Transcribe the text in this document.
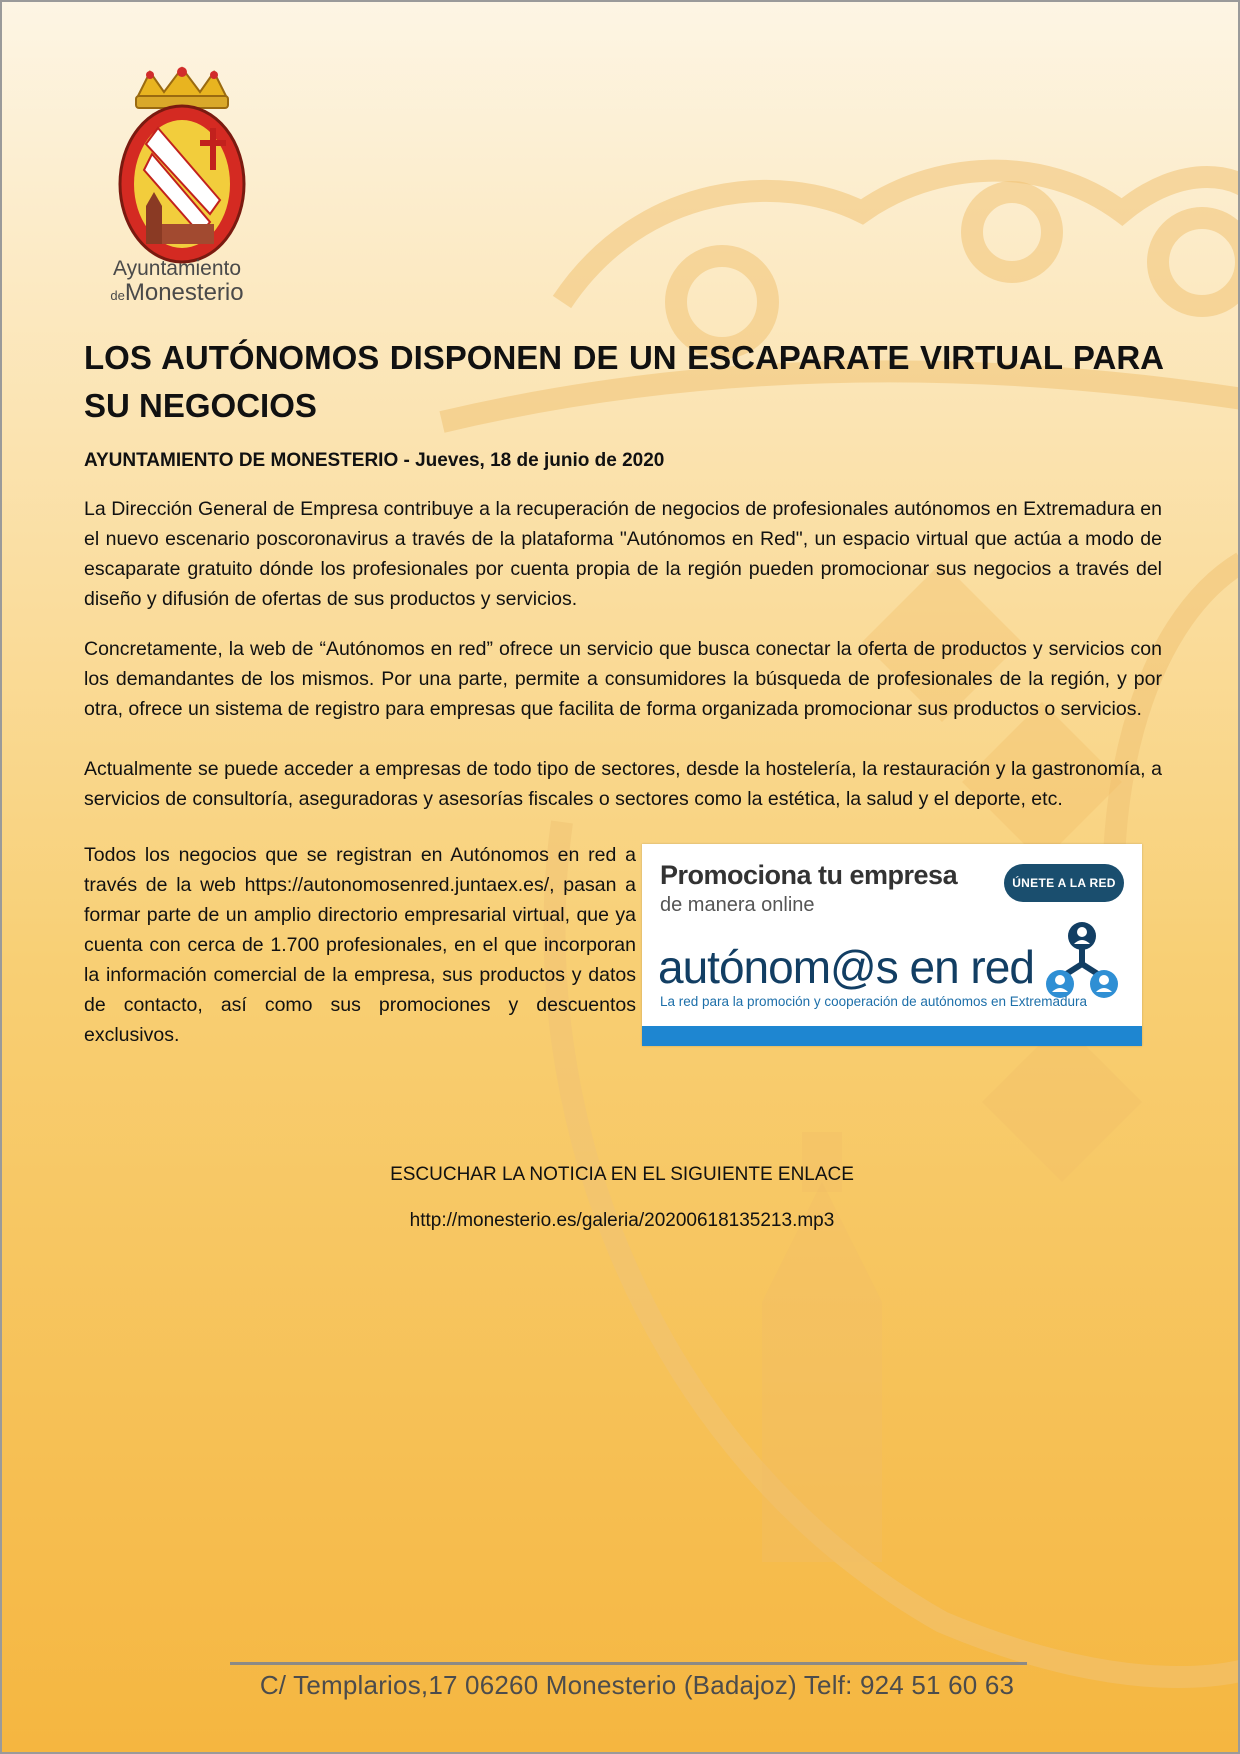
Ayuntamiento
deMonesterio
LOS AUTÓNOMOS DISPONEN DE UN ESCAPARATE VIRTUAL PARA SU NEGOCIOS

AYUNTAMIENTO DE MONESTERIO - Jueves, 18 de junio de 2020

La Dirección General de Empresa contribuye a la recuperación de negocios de profesionales autónomos en Extremadura en el nuevo escenario poscoronavirus a través de la plataforma "Autónomos en Red", un espacio virtual que actúa a modo de escaparate gratuito dónde los profesionales por cuenta propia de la región pueden promocionar sus negocios a través del diseño y difusión de ofertas de sus productos y servicios.

Concretamente, la web de “Autónomos en red” ofrece un servicio que busca conectar la oferta de productos y servicios con los demandantes de los mismos. Por una parte, permite a consumidores la búsqueda de profesionales de la región, y por otra, ofrece un sistema de registro para empresas que facilita de forma organizada promocionar sus productos o servicios.

Actualmente se puede acceder a empresas de todo tipo de sectores, desde la hostelería, la restauración y la gastronomía, a servicios de consultoría, aseguradoras y asesorías fiscales o sectores como la estética, la salud y el deporte, etc.

Todos los negocios que se registran en Autónomos en red a través de la web https://autonomosenred.juntaex.es/, pasan a formar parte de un amplio directorio empresarial virtual, que ya cuenta con cerca de 1.700 profesionales, en el que incorporan la información comercial de la empresa, sus productos y datos de contacto, así como sus promociones y descuentos exclusivos.

Promociona tu empresa
de manera online
ÚNETE A LA RED
autónom@s en red
La red para la promoción y cooperación de autónomos en Extremadura

ESCUCHAR LA NOTICIA EN EL SIGUIENTE ENLACE

http://monesterio.es/galeria/20200618135213.mp3

C/ Templarios,17 06260 Monesterio (Badajoz) Telf: 924 51 60 63
